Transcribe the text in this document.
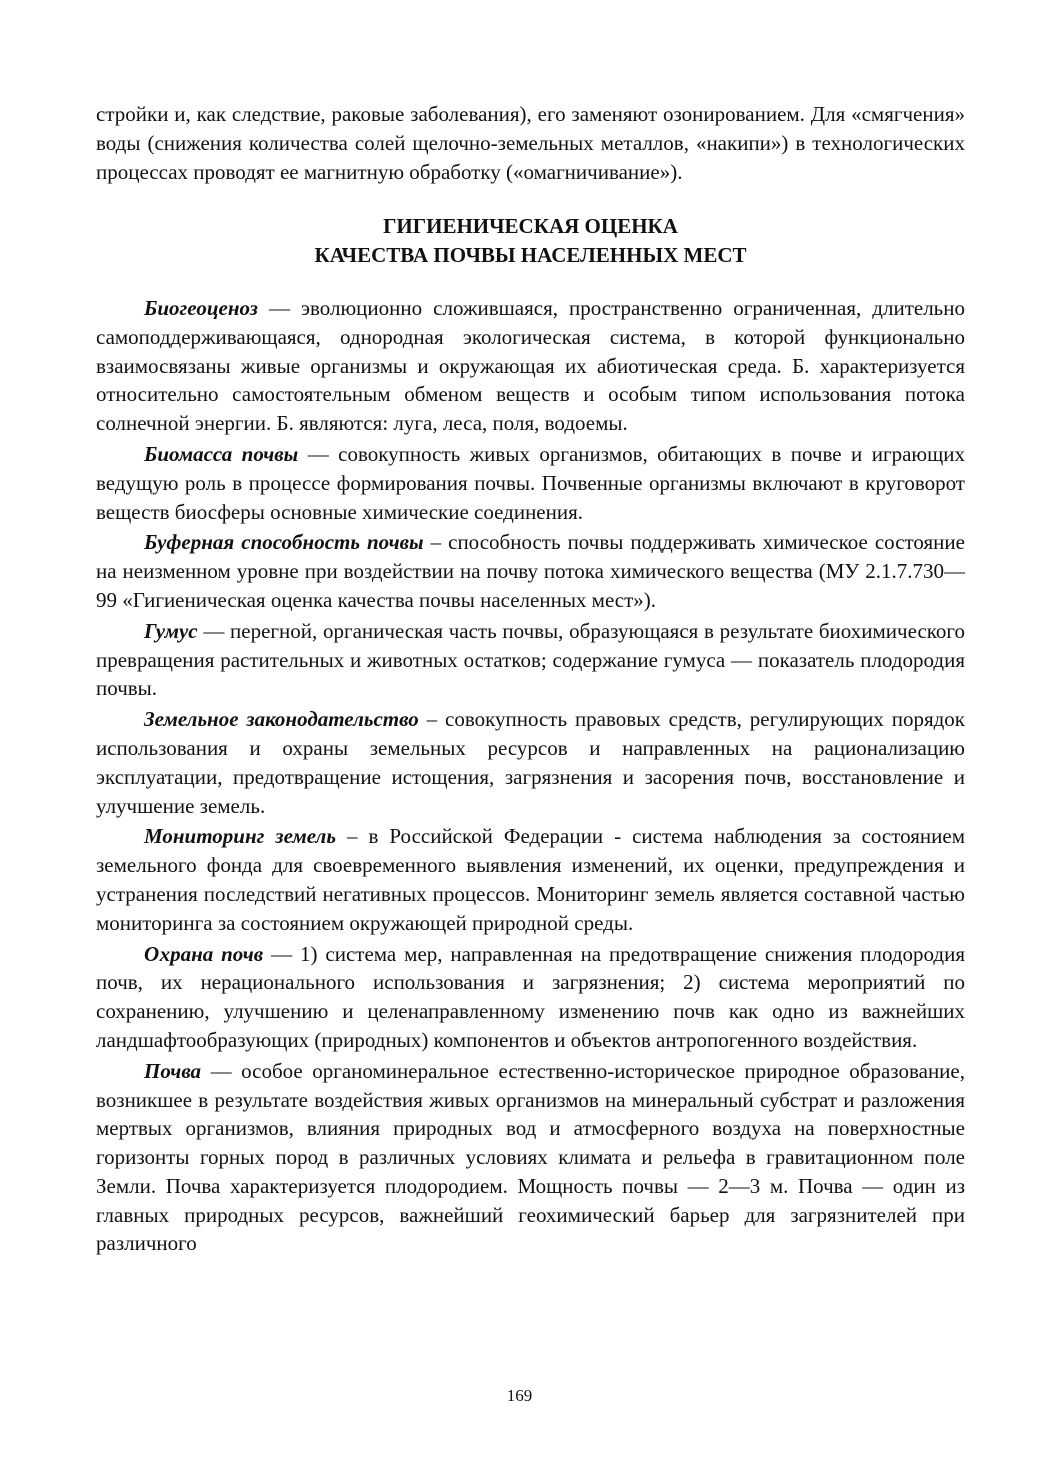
стройки и, как следствие, раковые заболевания), его заменяют озонированием. Для «смягчения» воды (снижения количества солей щелочно-земельных металлов, «накипи») в технологических процессах проводят ее магнитную обработку («омагничивание»).

ГИГИЕНИЧЕСКАЯ ОЦЕНКА
КАЧЕСТВА ПОЧВЫ НАСЕЛЕННЫХ МЕСТ

Биогеоценоз — эволюционно сложившаяся, пространственно ограниченная, длительно самоподдерживающаяся, однородная экологическая система, в которой функционально взаимосвязаны живые организмы и окружающая их абиотическая среда. Б. характеризуется относительно самостоятельным обменом веществ и особым типом использования потока солнечной энергии. Б. являются: луга, леса, поля, водоемы.

Биомасса почвы — совокупность живых организмов, обитающих в почве и играющих ведущую роль в процессе формирования почвы. Почвенные организмы включают в круговорот веществ биосферы основные химические соединения.

Буферная способность почвы – способность почвы поддерживать химическое состояние на неизменном уровне при воздействии на почву потока химического вещества (МУ 2.1.7.730—99 «Гигиеническая оценка качества почвы населенных мест»).

Гумус — перегной, органическая часть почвы, образующаяся в результате биохимического превращения растительных и животных остатков; содержание гумуса — показатель плодородия почвы.

Земельное законодательство – совокупность правовых средств, регулирующих порядок использования и охраны земельных ресурсов и направленных на рационализацию эксплуатации, предотвращение истощения, загрязнения и засорения почв, восстановление и улучшение земель.

Мониторинг земель – в Российской Федерации - система наблюдения за состоянием земельного фонда для своевременного выявления изменений, их оценки, предупреждения и устранения последствий негативных процессов. Мониторинг земель является составной частью мониторинга за состоянием окружающей природной среды.

Охрана почв — 1) система мер, направленная на предотвращение снижения плодородия почв, их нерационального использования и загрязнения; 2) система мероприятий по сохранению, улучшению и целенаправленному изменению почв как одно из важнейших ландшафтообразующих (природных) компонентов и объектов антропогенного воздействия.

Почва — особое органоминеральное естественно-историческое природное образование, возникшее в результате воздействия живых организмов на минеральный субстрат и разложения мертвых организмов, влияния природных вод и атмосферного воздуха на поверхностные горизонты горных пород в различных условиях климата и рельефа в гравитационном поле Земли. Почва характеризуется плодородием. Мощность почвы — 2—3 м. Почва — один из главных природных ресурсов, важнейший геохимический барьер для загрязнителей при различного

169
